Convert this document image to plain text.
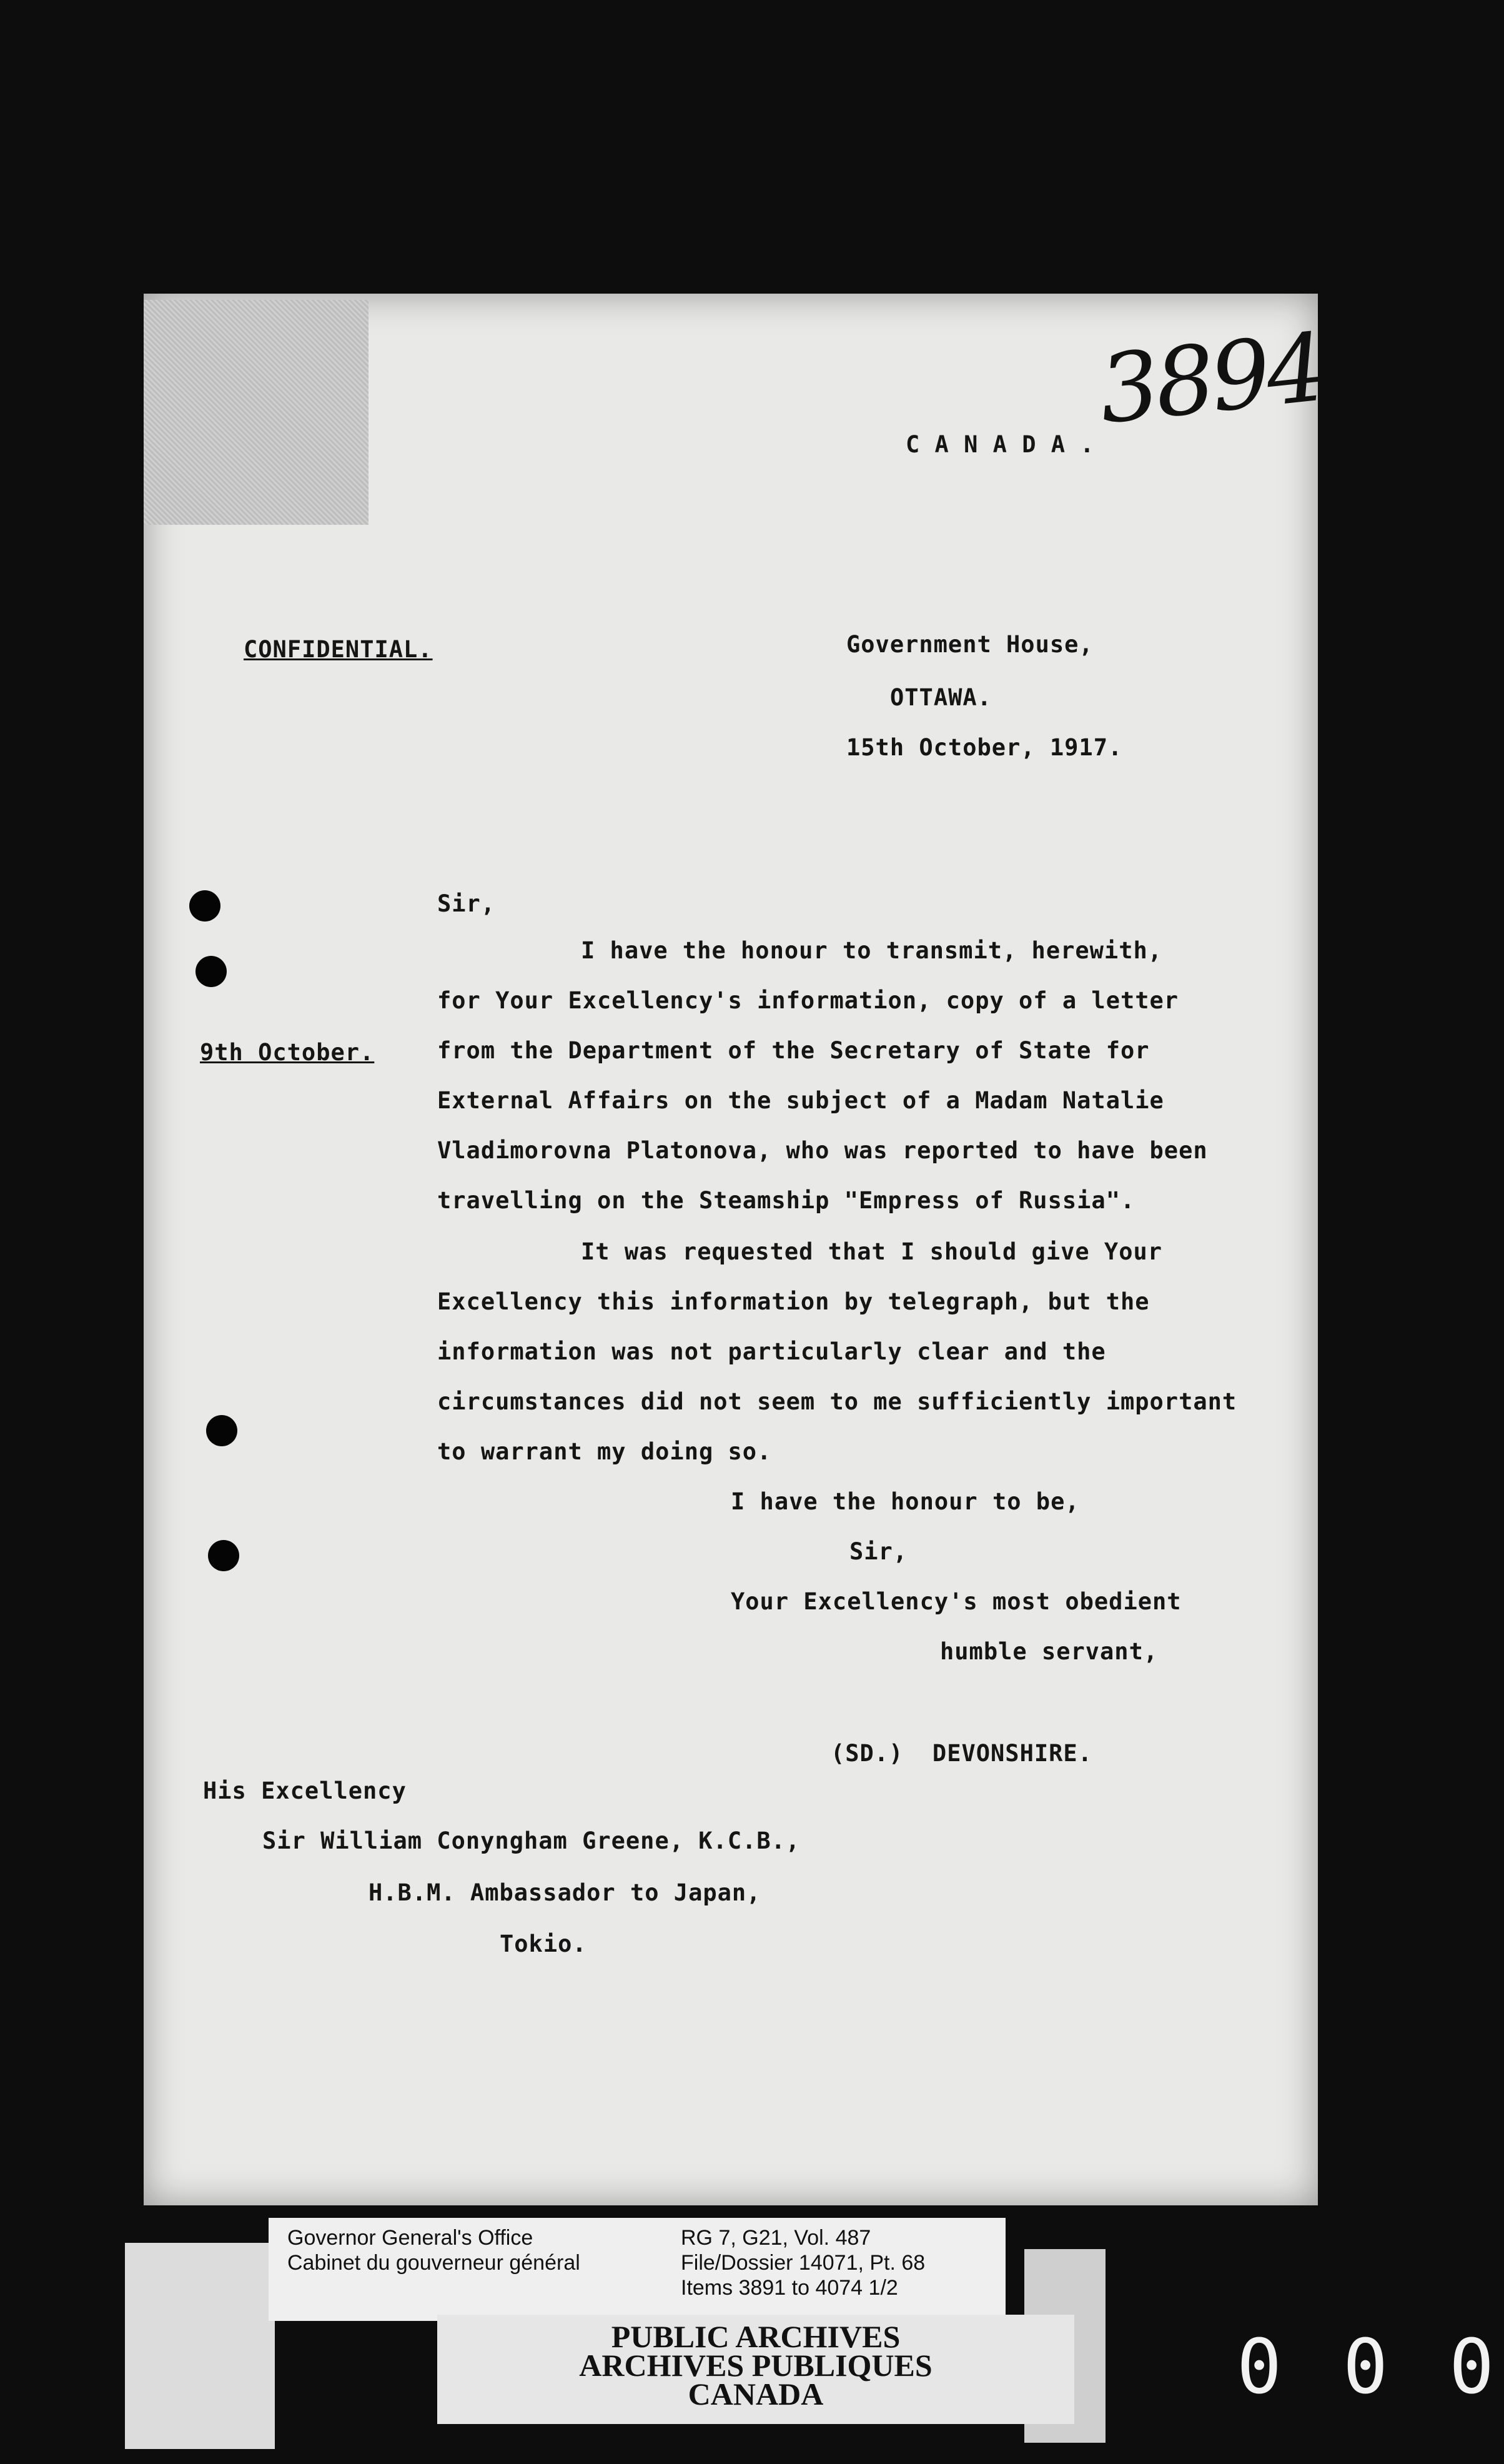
C A N A D A . 3894
CONFIDENTIAL.	Government House,
OTTAWA.
15th October, 1917.
Sir,
I have the honour to transmit, herewith,
for Your Excellency's information, copy of a letter
9th October.	from the Department of the Secretary of State for
External Affairs on the subject of a Madam Natalie
Vladimorovna Platonova, who was reported to have been
travelling on the Steamship "Empress of Russia".
It was requested that I should give Your
Excellency this information by telegraph, but the
information was not particularly clear and the
circumstances did not seem to me sufficiently important
to warrant my doing so.
I have the honour to be,
Sir,
Your Excellency's most obedient
humble servant,
(SD.)  DEVONSHIRE.
His Excellency
Sir William Conyngham Greene, K.C.B.,
H.B.M. Ambassador to Japan,
Tokio.
Governor General's Office
Cabinet du gouverneur général
RG 7, G21, Vol. 487
File/Dossier 14071, Pt. 68
Items 3891 to 4074 1/2
PUBLIC ARCHIVES
ARCHIVES PUBLIQUES
CANADA	0 0 0
